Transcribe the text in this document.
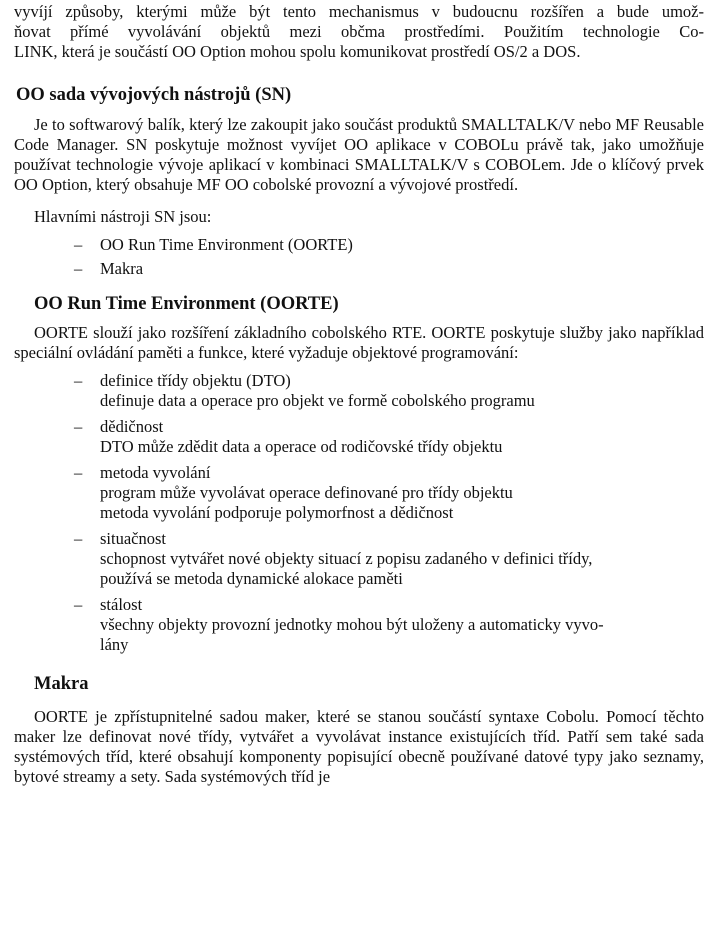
vyvíjí způsoby, kterými může být tento mechanismus v budoucnu rozšířen a bude umož-
ňovat přímé vyvolávání objektů mezi občma prostředími. Použitím technologie Co-
LINK, která je součástí OO Option mohou spolu komunikovat prostředí OS/2 a DOS.

OO sada vývojových nástrojů (SN)

Je to softwarový balík, který lze zakoupit jako součást produktů SMALLTALK/V nebo MF Reusable Code Manager. SN poskytuje možnost vyvíjet OO aplikace v COBOLu právě tak, jako umožňuje používat technologie vývoje aplikací v kombinaci SMALLTALK/V s COBOLem. Jde o klíčový prvek OO Option, který obsahuje MF OO cobolské provozní a vývojové prostředí.

Hlavními nástroji SN jsou:

–	OO Run Time Environment (OORTE)
–	Makra
OO Run Time Environment (OORTE)

OORTE slouží jako rozšíření základního cobolského RTE. OORTE poskytuje služby jako například speciální ovládání paměti a funkce, které vyžaduje objektové programování:

–	definice třídy objektu (DTO)
definuje data a operace pro objekt ve formě cobolského programu
–	dědičnost
DTO může zdědit data a operace od rodičovské třídy objektu
–	metoda vyvolání
program může vyvolávat operace definované pro třídy objektu
metoda vyvolání podporuje polymorfnost a dědičnost
–	situačnost
schopnost vytvářet nové objekty situací z popisu zadaného v definici třídy,
používá se metoda dynamické alokace paměti
–	stálost
všechny objekty provozní jednotky mohou být uloženy a automaticky vyvo-
lány
Makra

OORTE je zpřístupnitelné sadou maker, které se stanou součástí syntaxe Cobolu. Pomocí těchto maker lze definovat nové třídy, vytvářet a vyvolávat instance existujících tříd. Patří sem také sada systémových tříd, které obsahují komponenty popisující obecně používané datové typy jako seznamy, bytové streamy a sety. Sada systémových tříd je
